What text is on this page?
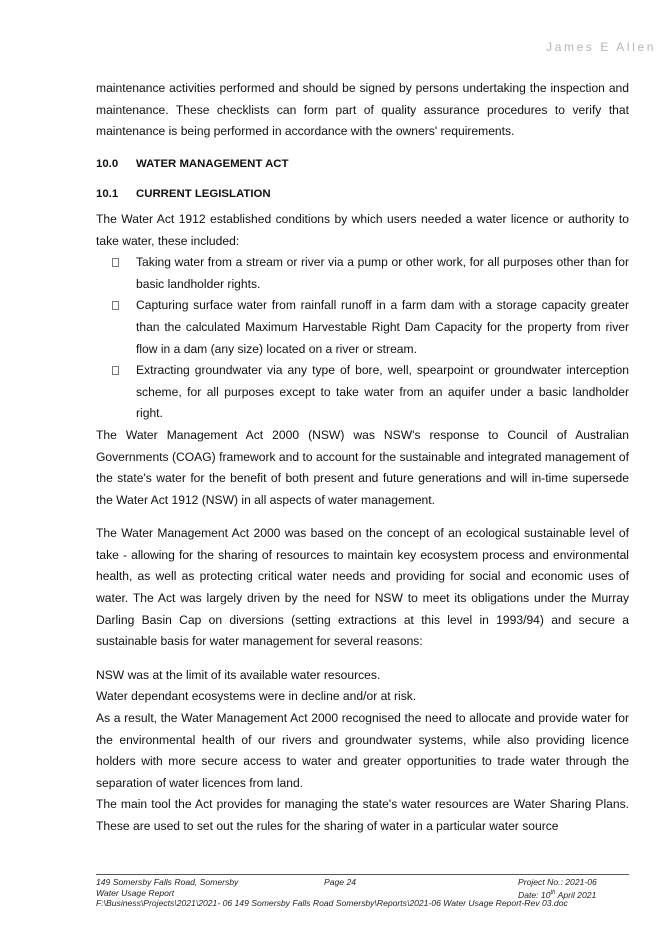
James E Allen

maintenance activities performed and should be signed by persons undertaking the inspection and maintenance. These checklists can form part of quality assurance procedures to verify that maintenance is being performed in accordance with the owners' requirements.

10.0	WATER MANAGEMENT ACT
10.1	CURRENT LEGISLATION

The Water Act 1912 established conditions by which users needed a water licence or authority to take water, these included:

Taking water from a stream or river via a pump or other work, for all purposes other than for basic landholder rights.
Capturing surface water from rainfall runoff in a farm dam with a storage capacity greater than the calculated Maximum Harvestable Right Dam Capacity for the property from river flow in a dam (any size) located on a river or stream.
Extracting groundwater via any type of bore, well, spearpoint or groundwater interception scheme, for all purposes except to take water from an aquifer under a basic landholder right.

The Water Management Act 2000 (NSW) was NSW's response to Council of Australian Governments (COAG) framework and to account for the sustainable and integrated management of the state's water for the benefit of both present and future generations and will in-time supersede the Water Act 1912 (NSW) in all aspects of water management.

The Water Management Act 2000 was based on the concept of an ecological sustainable level of take - allowing for the sharing of resources to maintain key ecosystem process and environmental health, as well as protecting critical water needs and providing for social and economic uses of water. The Act was largely driven by the need for NSW to meet its obligations under the Murray Darling Basin Cap on diversions (setting extractions at this level in 1993/94) and secure a sustainable basis for water management for several reasons:

NSW was at the limit of its available water resources.

Water dependant ecosystems were in decline and/or at risk.

As a result, the Water Management Act 2000 recognised the need to allocate and provide water for the environmental health of our rivers and groundwater systems, while also providing licence holders with more secure access to water and greater opportunities to trade water through the separation of water licences from land.

The main tool the Act provides for managing the state's water resources are Water Sharing Plans. These are used to set out the rules for the sharing of water in a particular water source

149 Somersby Falls Road, Somersby	Page 24	Project No.: 2021-06
Water Usage Report	Date: 10th April 2021
F:\Business\Projects\2021\2021- 06 149 Somersby Falls Road Somersby\Reports\2021-06 Water Usage Report-Rev 03.doc
